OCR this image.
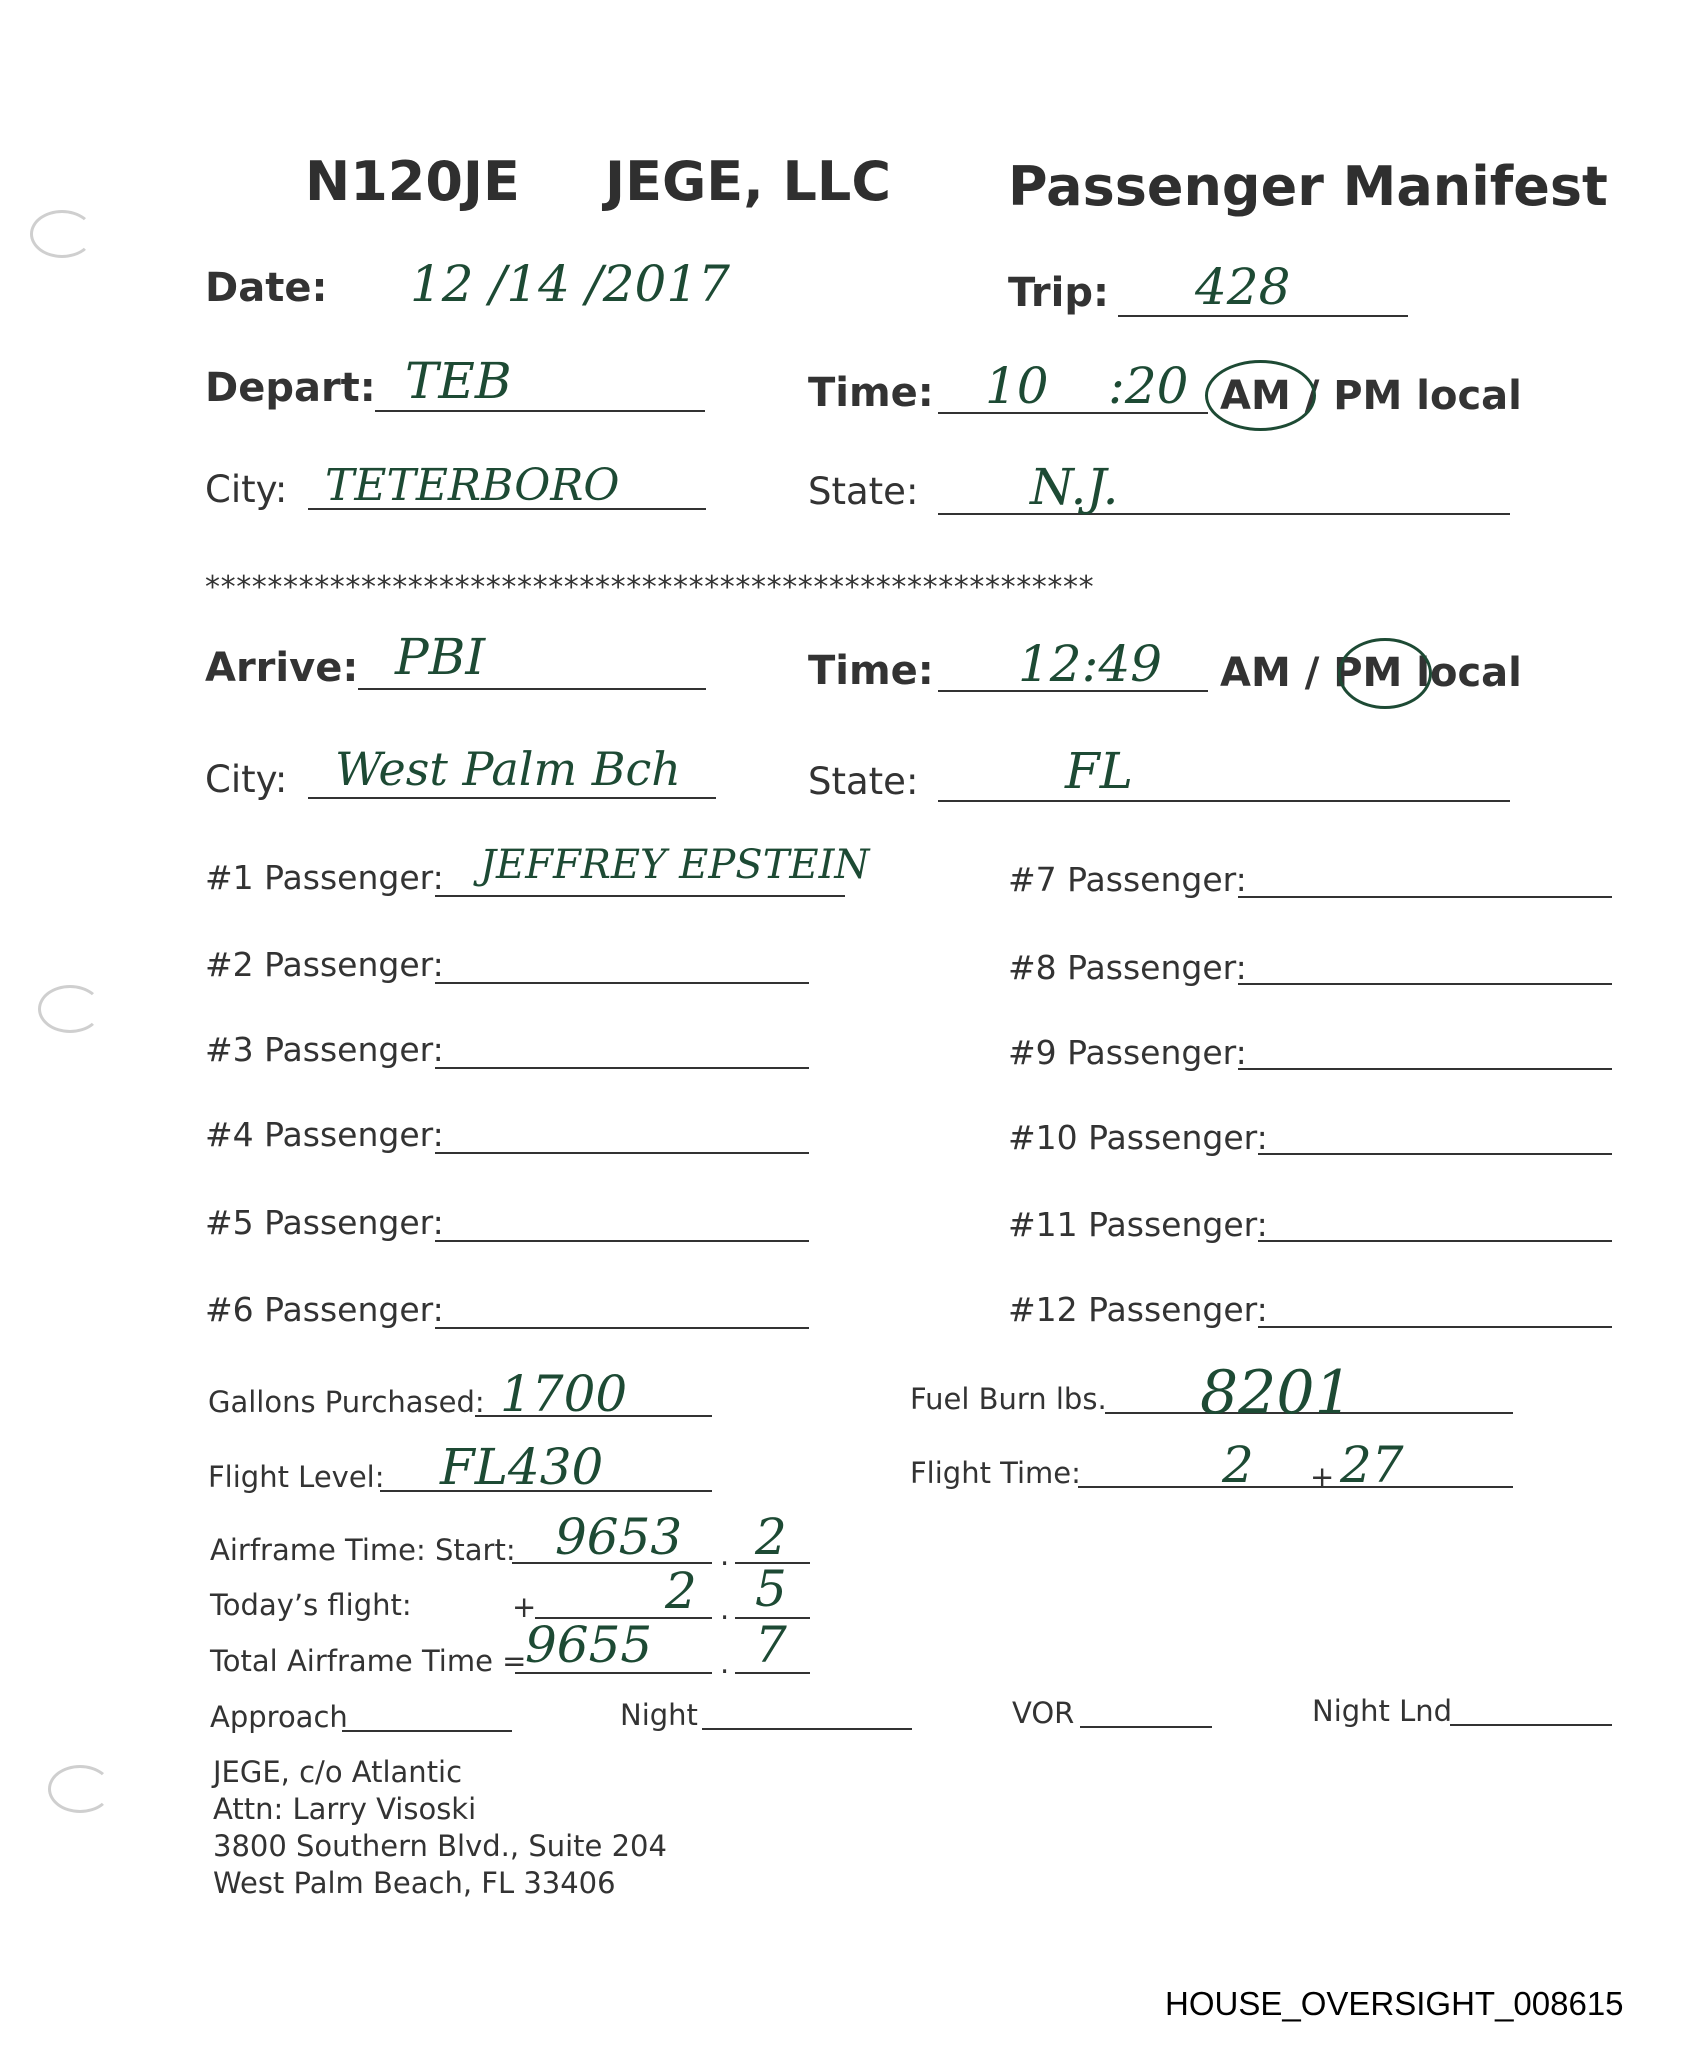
N120JE JEGE, LLC Passenger Manifest
Date: 12 /14 /2017	Trip: 428
Depart: TEB	Time: 10 :20 AM / PM local
City: TETERBORO	State: N.J.
*********************************************************
Arrive: PBI	Time: 12:49 AM / PM local
City: West Palm Bch	State:	FL
#1 Passenger: JEFFREY EPSTEIN
#2 Passenger:
#3 Passenger:
#4 Passenger:
#5 Passenger:
#6 Passenger:
#7 Passenger:
#8 Passenger:
#9 Passenger:
#10 Passenger:
#11 Passenger:
#12 Passenger:
Gallons Purchased: 1700	Fuel Burn lbs. 8201
Flight Level: FL430	Flight Time:	2 + 27
Airframe Time: Start: 9653 . 2
Today’s flight:	+	2 . 5
Total Airframe Time =
9655 . 7
Approach	Night	VOR	Night Lnd
JEGE, c/o Atlantic
Attn: Larry Visoski
3800 Southern Blvd., Suite 204
West Palm Beach, FL 33406
HOUSE_OVERSIGHT_008615
